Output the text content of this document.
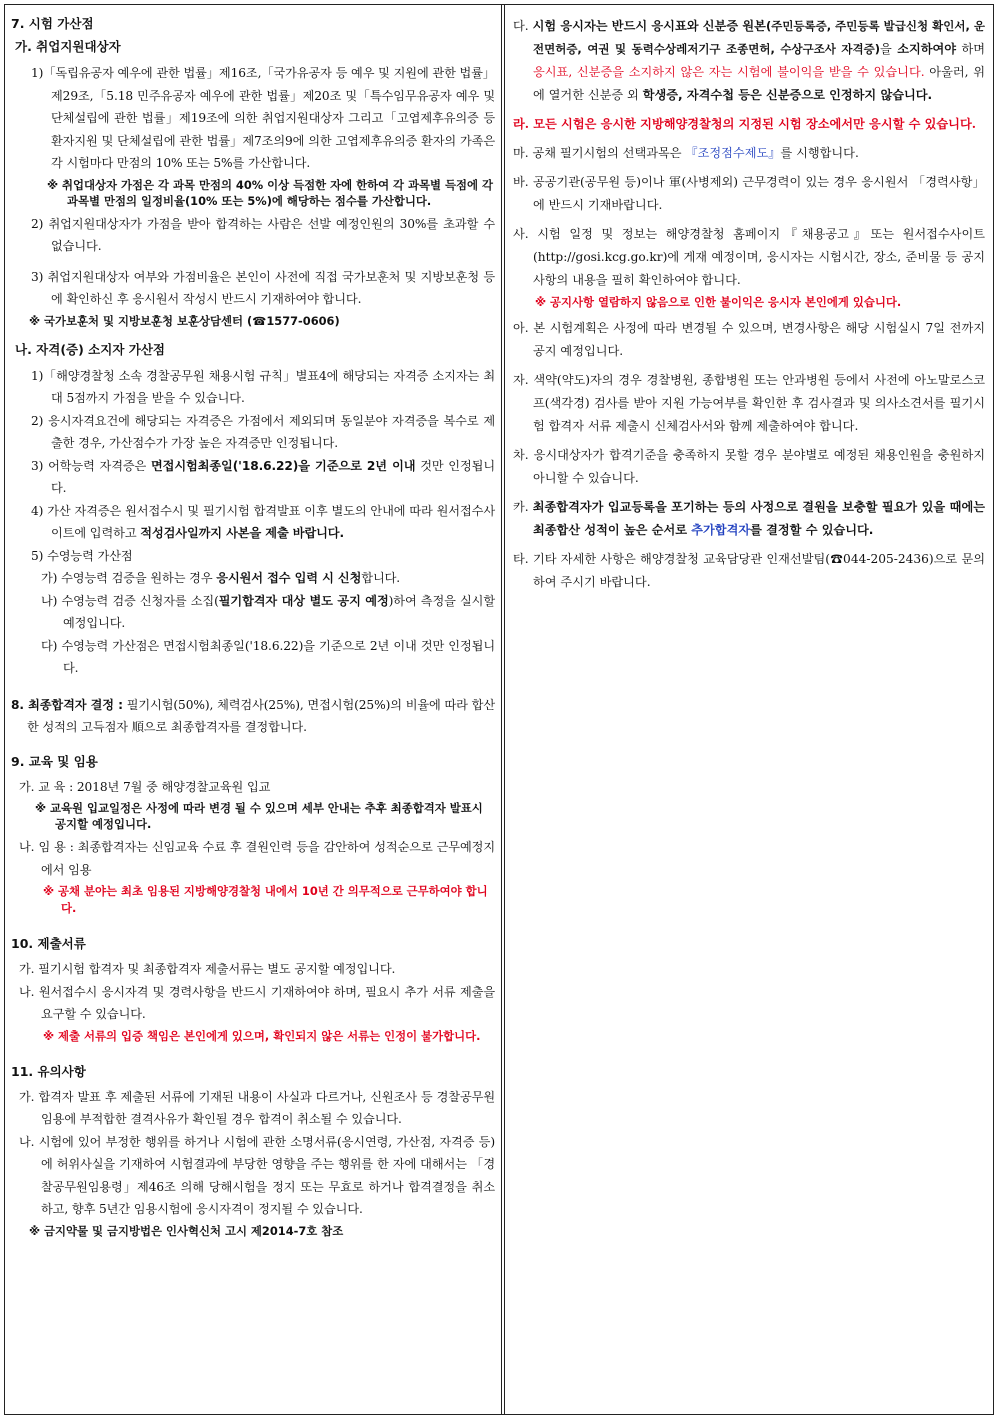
7. 시험 가산점
가. 취업지원대상자
1)「독립유공자 예우에 관한 법률」제16조,「국가유공자 등 예우 및 지원에 관한 법률」제29조,「5.18 민주유공자 예우에 관한 법률」제20조 및「특수임무유공자 예우 및 단체설립에 관한 법률」제19조에 의한 취업지원대상자 그리고「고엽제후유의증 등 환자지원 및 단체설립에 관한 법률」제7조의9에 의한 고엽제후유의증 환자의 가족은 각 시험마다 만점의 10% 또는 5%를 가산합니다.
※ 취업대상자 가점은 각 과목 만점의 40% 이상 득점한 자에 한하여 각 과목별 득점에 각 과목별 만점의 일정비율(10% 또는 5%)에 해당하는 점수를 가산합니다.
2) 취업지원대상자가 가점을 받아 합격하는 사람은 선발 예정인원의 30%를 초과할 수 없습니다.
3) 취업지원대상자 여부와 가점비율은 본인이 사전에 직접 국가보훈처 및 지방보훈청 등에 확인하신 후 응시원서 작성시 반드시 기재하여야 합니다.
※ 국가보훈처 및 지방보훈청 보훈상담센터 (☎1577-0606)
나. 자격(증) 소지자 가산점
1)「해양경찰청 소속 경찰공무원 채용시험 규칙」별표4에 해당되는 자격증 소지자는 최대 5점까지 가점을 받을 수 있습니다.
2) 응시자격요건에 해당되는 자격증은 가점에서 제외되며 동일분야 자격증을 복수로 제출한 경우, 가산점수가 가장 높은 자격증만 인정됩니다.
3) 어학능력 자격증은 면접시험최종일('18.6.22)을 기준으로 2년 이내 것만 인정됩니다.
4) 가산 자격증은 원서접수시 및 필기시험 합격발표 이후 별도의 안내에 따라 원서접수사이트에 입력하고 적성검사일까지 사본을 제출 바랍니다.
5) 수영능력 가산점
가) 수영능력 검증을 원하는 경우 응시원서 접수 입력 시 신청합니다.
나) 수영능력 검증 신청자를 소집(필기합격자 대상 별도 공지 예정)하여 측정을 실시할 예정입니다.
다) 수영능력 가산점은 면접시험최종일('18.6.22)을 기준으로 2년 이내 것만 인정됩니다.
8. 최종합격자 결정 : 필기시험(50%), 체력검사(25%), 면접시험(25%)의 비율에 따라 합산한 성적의 고득점자 順으로 최종합격자를 결정합니다.
9. 교육 및 임용
가. 교 육 : 2018년 7월 중 해양경찰교육원 입교
※ 교육원 입교일정은 사정에 따라 변경 될 수 있으며 세부 안내는 추후 최종합격자 발표시 공지할 예정입니다.
나. 임 용 : 최종합격자는 신임교육 수료 후 결원인력 등을 감안하여 성적순으로 근무예정지에서 임용
※ 공채 분야는 최초 임용된 지방해양경찰청 내에서 10년 간 의무적으로 근무하여야 합니다.
10. 제출서류
가. 필기시험 합격자 및 최종합격자 제출서류는 별도 공지할 예정입니다.
나. 원서접수시 응시자격 및 경력사항을 반드시 기재하여야 하며, 필요시 추가 서류 제출을 요구할 수 있습니다.
※ 제출 서류의 입증 책임은 본인에게 있으며, 확인되지 않은 서류는 인정이 불가합니다.
11. 유의사항
가. 합격자 발표 후 제출된 서류에 기재된 내용이 사실과 다르거나, 신원조사 등 경찰공무원 임용에 부적합한 결격사유가 확인될 경우 합격이 취소될 수 있습니다.
나. 시험에 있어 부정한 행위를 하거나 시험에 관한 소명서류(응시연령, 가산점, 자격증 등)에 허위사실을 기재하여 시험결과에 부당한 영향을 주는 행위를 한 자에 대해서는 「경찰공무원임용령」제46조 의해 당해시험을 정지 또는 무효로 하거나 합격결정을 취소하고, 향후 5년간 임용시험에 응시자격이 정지될 수 있습니다.
※ 금지약물 및 금지방법은 인사혁신처 고시 제2014-7호 참조
다. 시험 응시자는 반드시 응시표와 신분증 원본(주민등록증, 주민등록 발급신청 확인서, 운전면허증, 여권 및 동력수상레저기구 조종면허, 수상구조사 자격증)을 소지하여야 하며 응시표, 신분증을 소지하지 않은 자는 시험에 불이익을 받을 수 있습니다. 아울러, 위에 열거한 신분증 외 학생증, 자격수첩 등은 신분증으로 인정하지 않습니다.
라. 모든 시험은 응시한 지방해양경찰청의 지정된 시험 장소에서만 응시할 수 있습니다.
마. 공채 필기시험의 선택과목은 『조정점수제도』를 시행합니다.
바. 공공기관(공무원 등)이나 軍(사병제외) 근무경력이 있는 경우 응시원서 「경력사항」에 반드시 기재바랍니다.
사. 시험 일정 및 정보는 해양경찰청 홈페이지『채용공고』또는 원서접수사이트(http://gosi.kcg.go.kr)에 게재 예정이며, 응시자는 시험시간, 장소, 준비물 등 공지사항의 내용을 필히 확인하여야 합니다.
※ 공지사항 열람하지 않음으로 인한 불이익은 응시자 본인에게 있습니다.
아. 본 시험계획은 사정에 따라 변경될 수 있으며, 변경사항은 해당 시험실시 7일 전까지 공지 예정입니다.
자. 색약(약도)자의 경우 경찰병원, 종합병원 또는 안과병원 등에서 사전에 아노말로스코프(색각경) 검사를 받아 지원 가능여부를 확인한 후 검사결과 및 의사소견서를 필기시험 합격자 서류 제출시 신체검사서와 함께 제출하여야 합니다.
차. 응시대상자가 합격기준을 충족하지 못할 경우 분야별로 예정된 채용인원을 충원하지 아니할 수 있습니다.
카. 최종합격자가 입교등록을 포기하는 등의 사정으로 결원을 보충할 필요가 있을 때에는 최종합산 성적이 높은 순서로 추가합격자를 결정할 수 있습니다.
타. 기타 자세한 사항은 해양경찰청 교육담당관 인재선발팀(☎044-205-2436)으로 문의하여 주시기 바랍니다.
